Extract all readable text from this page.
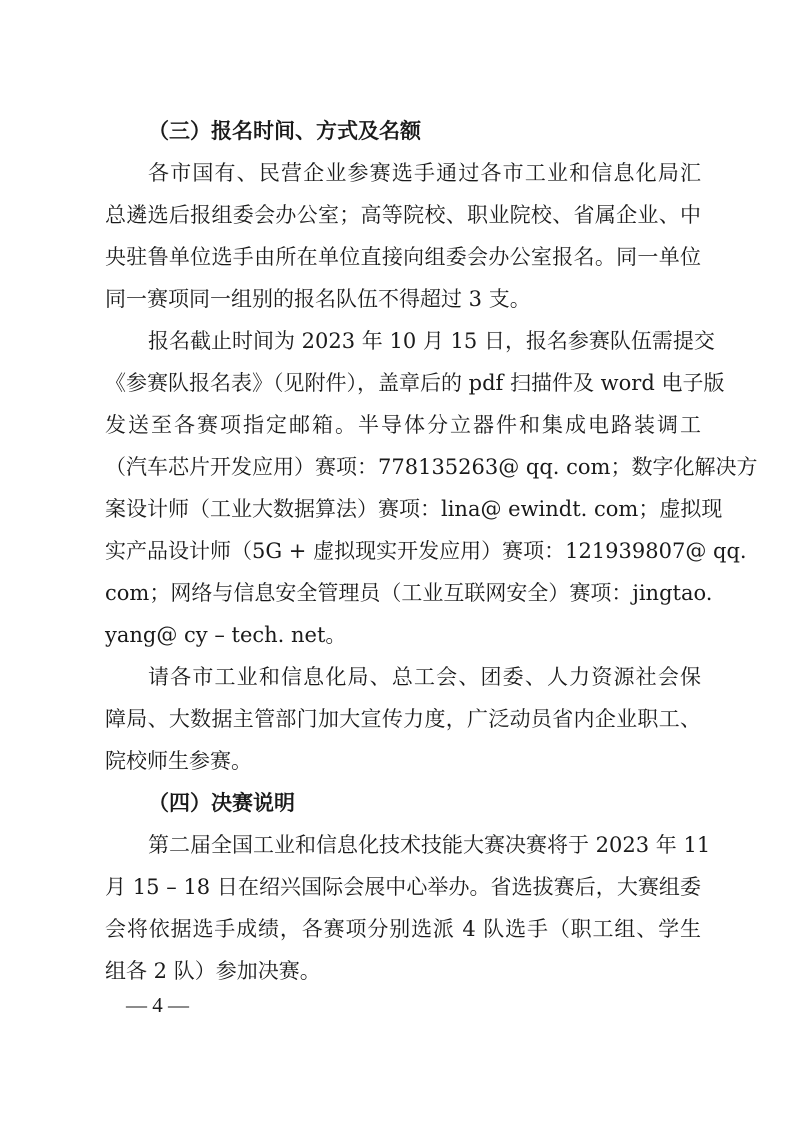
（三）报名时间、方式及名额
各市国有、民营企业参赛选手通过各市工业和信息化局汇
总遴选后报组委会办公室；高等院校、职业院校、省属企业、中
央驻鲁单位选手由所在单位直接向组委会办公室报名。同一单位
同一赛项同一组别的报名队伍不得超过 3 支。
报名截止时间为 2023 年 10 月 15 日，报名参赛队伍需提交
《参赛队报名表》（见附件），盖章后的 pdf 扫描件及 word 电子版
发送至各赛项指定邮箱。半导体分立器件和集成电路装调工
（汽车芯片开发应用）赛项：778135263@ qq. com；数字化解决方
案设计师（工业大数据算法）赛项：lina@ ewindt. com；虚拟现
实产品设计师（5G + 虚拟现实开发应用）赛项：121939807@ qq.
com；网络与信息安全管理员（工业互联网安全）赛项：jingtao.
yang@ cy – tech. net。
请各市工业和信息化局、总工会、团委、人力资源社会保
障局、大数据主管部门加大宣传力度，广泛动员省内企业职工、
院校师生参赛。
（四）决赛说明
第二届全国工业和信息化技术技能大赛决赛将于 2023 年 11
月 15 – 18 日在绍兴国际会展中心举办。省选拔赛后，大赛组委
会将依据选手成绩，各赛项分别选派 4 队选手（职工组、学生
组各 2 队）参加决赛。
— 4 —
